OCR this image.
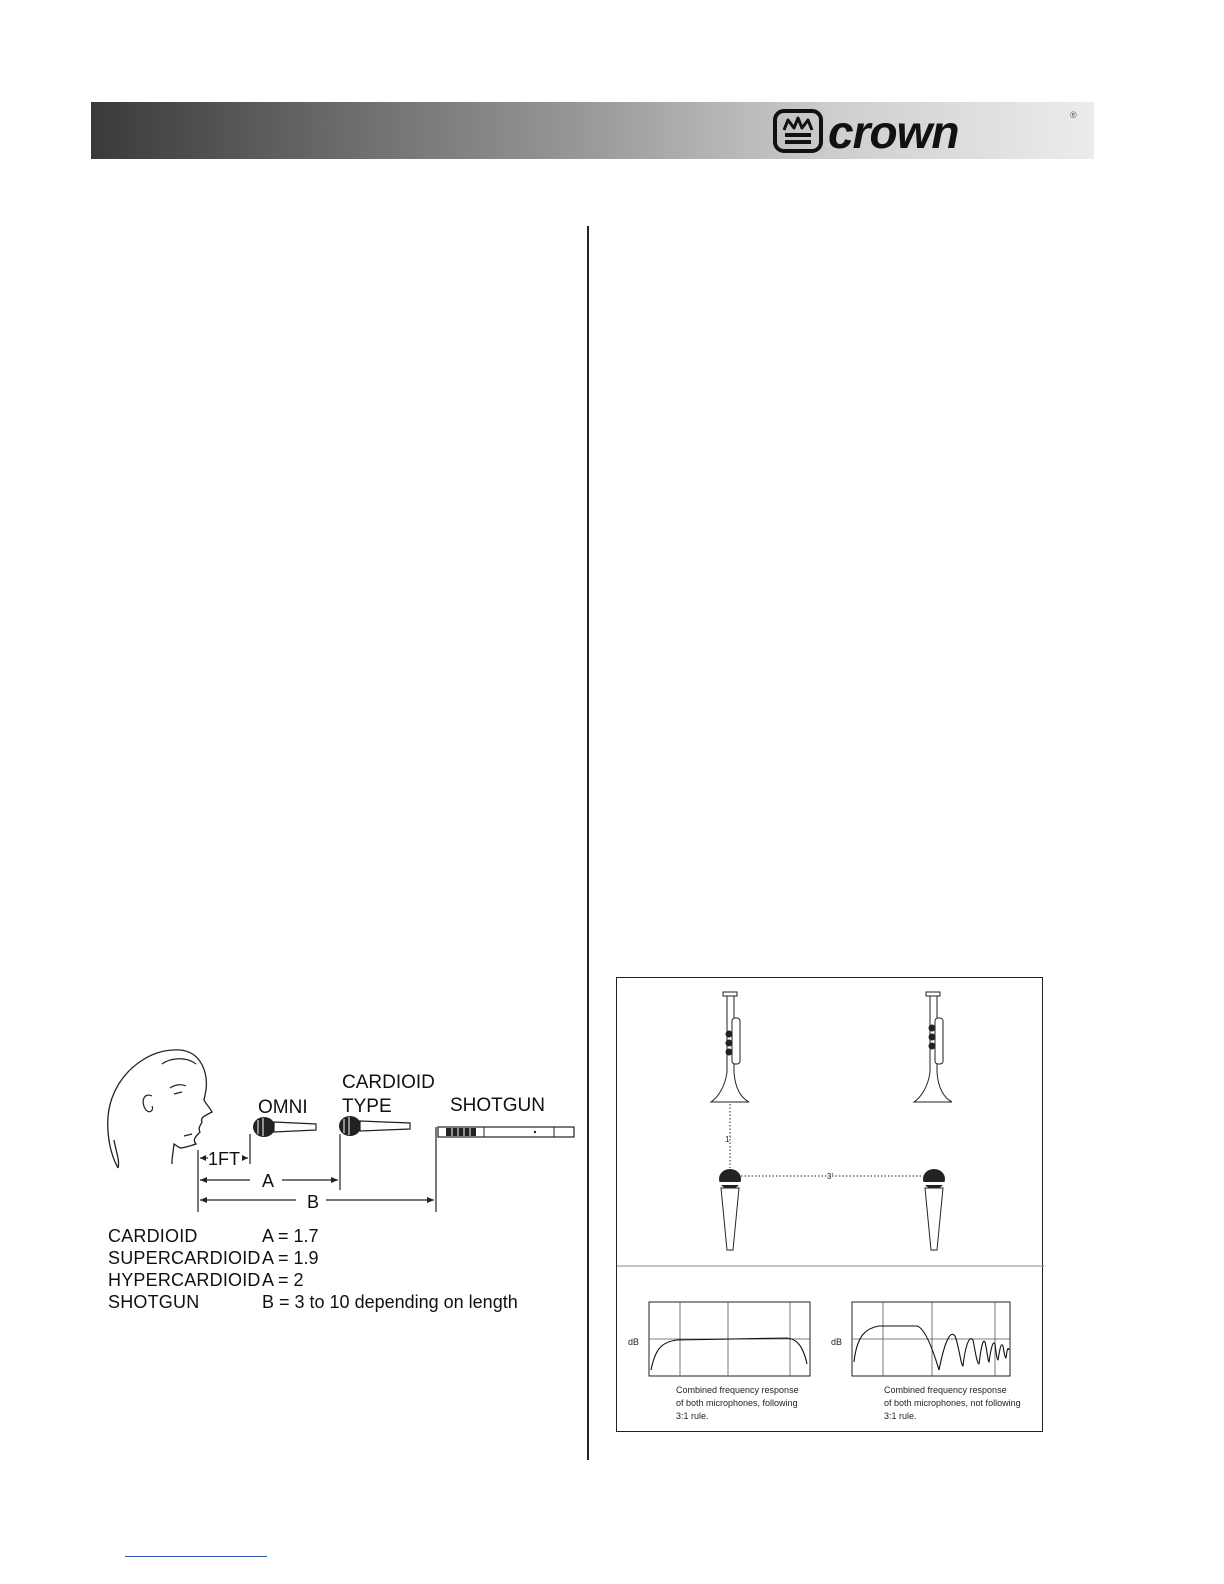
crown	®
OMNI
CARDIOID
TYPE	SHOTGUN
1FT
A
B
CARDIOID	A = 1.7
SUPERCARDIOID A = 1.9
HYPERCARDIOID A = 2
SHOTGUN	B = 3 to 10 depending on length
1'
3'
dB	dB
Combined frequency response
of both microphones, following
3:1 rule.
Combined frequency response
of both microphones, not following
3:1 rule.
